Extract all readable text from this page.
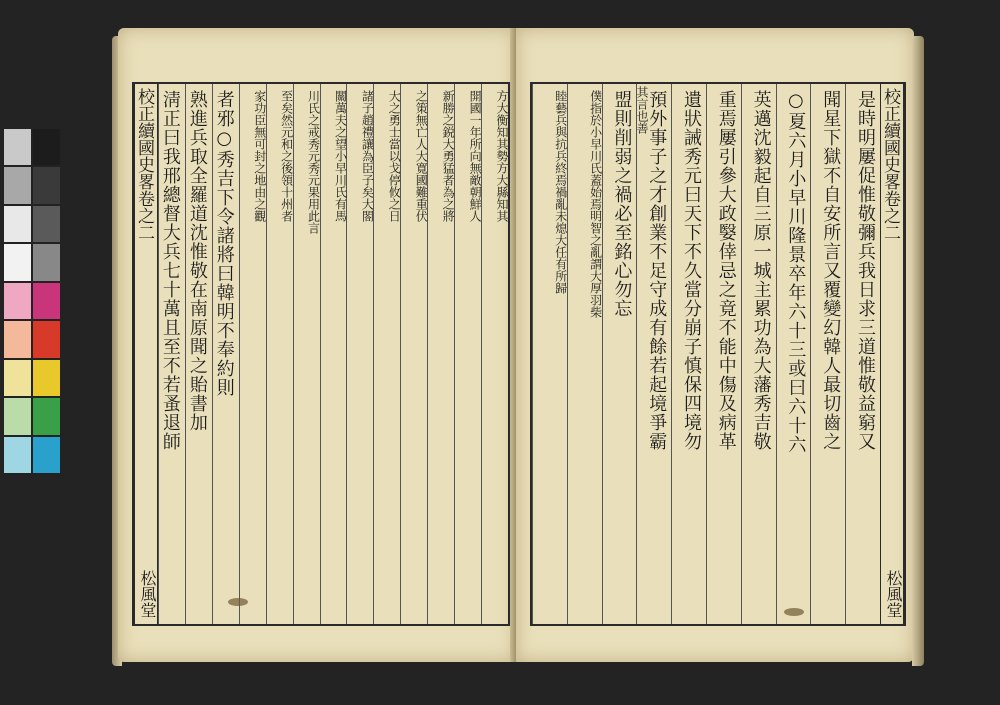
校正續國史畧卷之二
松風堂
方大衡知其勢方大縣知其
開國一年所向無敵朝鮮人
新勝之鋭大勇猛者為之將
之策無亡人大寛國難重伏
大之勇士當以戈停攸之日
諸子趙禮讓為臣子矣大閤
關萬夫之望小早川氏有馬
川氏之戒秀元秀元果用此言
至矣然元和之後領十州者
家功臣無可封之地由之觀
者邪○秀吉下令諸將曰韓明不奉約則
熟進兵取全羅道沈惟敬在南原聞之貽書加
淸正曰我邢總督大兵七十萬且至不若蚤退師	其言也善	校正續國史畧卷之二
松風堂
是時明屢促惟敬彌兵我日求三道惟敬益窮又
聞星下獄不自安所言又覆變幻韓人最切齒之
○夏六月小早川隆景卒年六十三或曰六十六
英邁沈毅起自三原一城主累功為大藩秀吉敬
重焉屢引參大政嫛倖忌之竟不能中傷及病革
遺狀誡秀元曰天下不久當分崩子慎保四境勿
預外事子之才創業不足守成有餘若起境爭霸
盟則削弱之禍必至銘心勿忘
僕指於小早川氏蓋始焉明智之亂謂大厚羽柴
睦藝兵與抗兵終焉禍亂未熄大任有所歸
